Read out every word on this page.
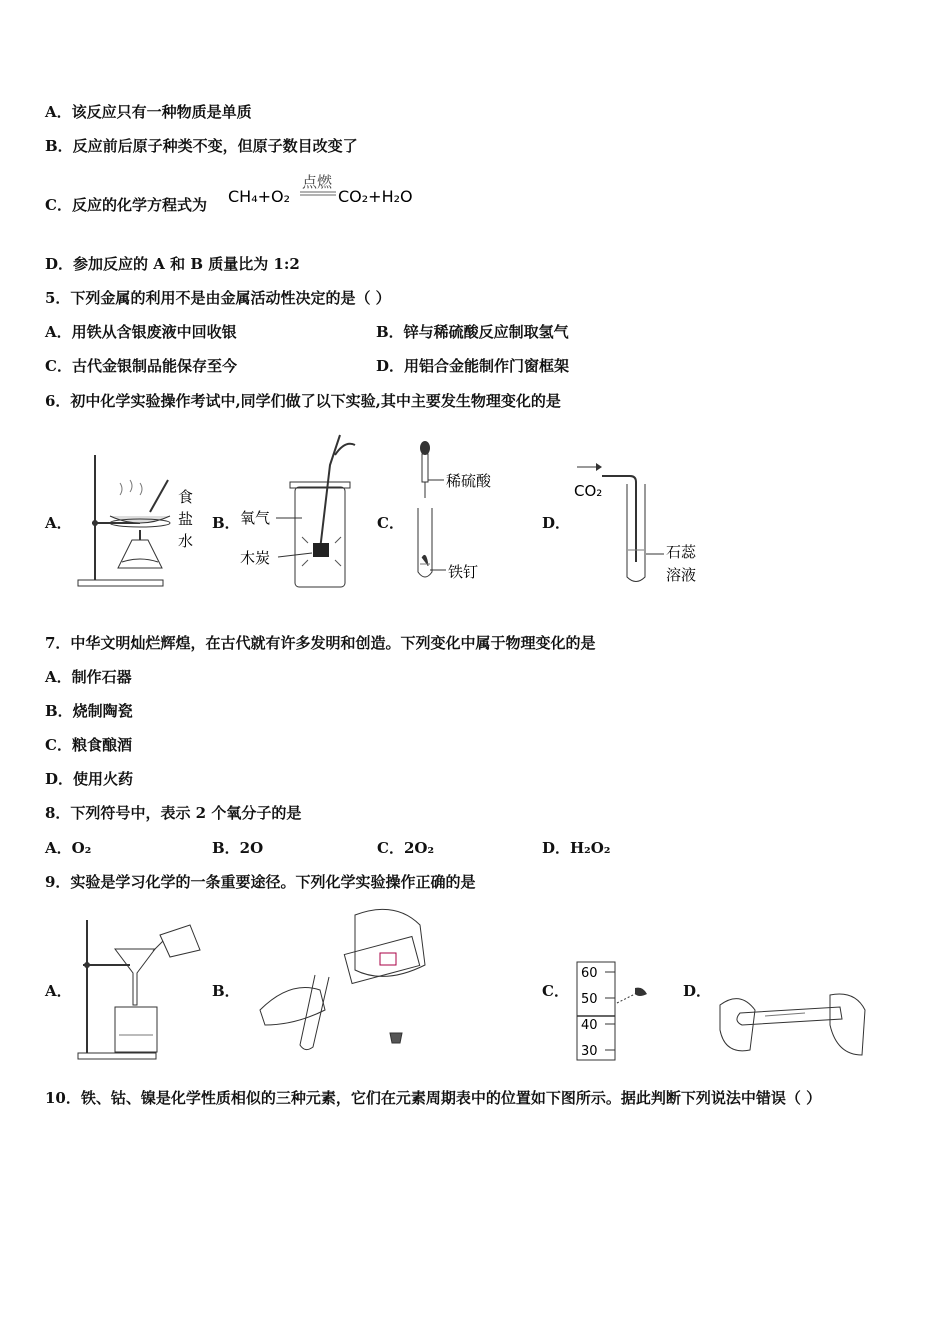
A．该反应只有一种物质是单质
B．反应前后原子种类不变，但原子数目改变了
C．反应的化学方程式为 CH₄+O₂
点燃
CO₂+H₂O
D．参加反应的 A 和 B 质量比为 1:2
5．下列金属的利用不是由金属活动性决定的是（ ）
A．用铁从含银废液中回收银	B．锌与稀硫酸反应制取氢气
C．古代金银制品能保存至今	D．用铝合金能制作门窗框架
6．初中化学实验操作考试中,同学们做了以下实验,其中主要发生物理变化的是
A．
食
盐
水
B． 氧气
木炭
C．
稀硫酸
铁钉
D．
CO₂
石蕊
溶液
7．中华文明灿烂辉煌，在古代就有许多发明和创造。下列变化中属于物理变化的是
A．制作石器
B．烧制陶瓷
C．粮食酿酒
D．使用火药
8．下列符号中，表示 2 个氧分子的是
A．O₂	B．2O	C．2O₂	D．H₂O₂
9．实验是学习化学的一条重要途径。下列化学实验操作正确的是
A．	B．	C．
60
50
40
30
D．
10．铁、钴、镍是化学性质相似的三种元素，它们在元素周期表中的位置如下图所示。据此判断下列说法中错误（ ）
